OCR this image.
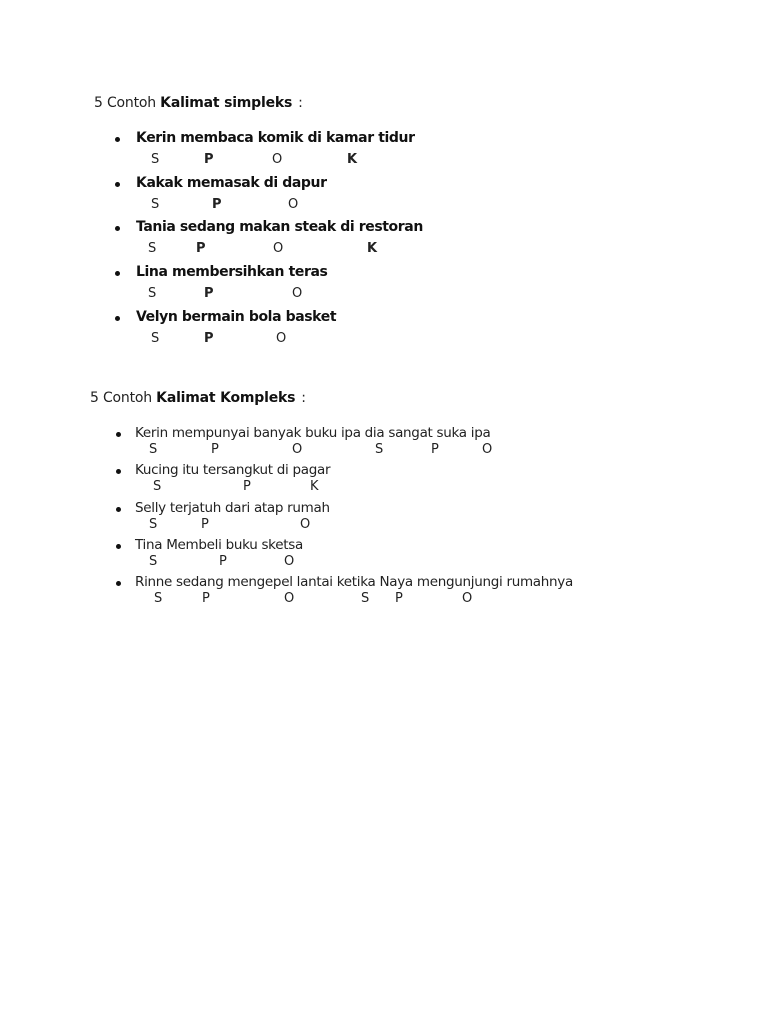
5 Contoh Kalimat simpleks :
Kerin membaca komik di kamar tidur
S	P	O	K
Kakak memasak di dapur
S	P	O
Tania sedang makan steak di restoran
S	P	O	K
Lina membersihkan teras
S	P	O
Velyn bermain bola basket
S	P	O
5 Contoh Kalimat Kompleks :
Kerin mempunyai banyak buku ipa dia sangat suka ipa
S	P	O	S	P	O
Kucing itu tersangkut di pagar
S	P	K
Selly terjatuh dari atap rumah
S	P	O
Tina Membeli buku sketsa
S	P	O
Rinne sedang mengepel lantai ketika Naya mengunjungi rumahnya
S	P	O	S P	O
